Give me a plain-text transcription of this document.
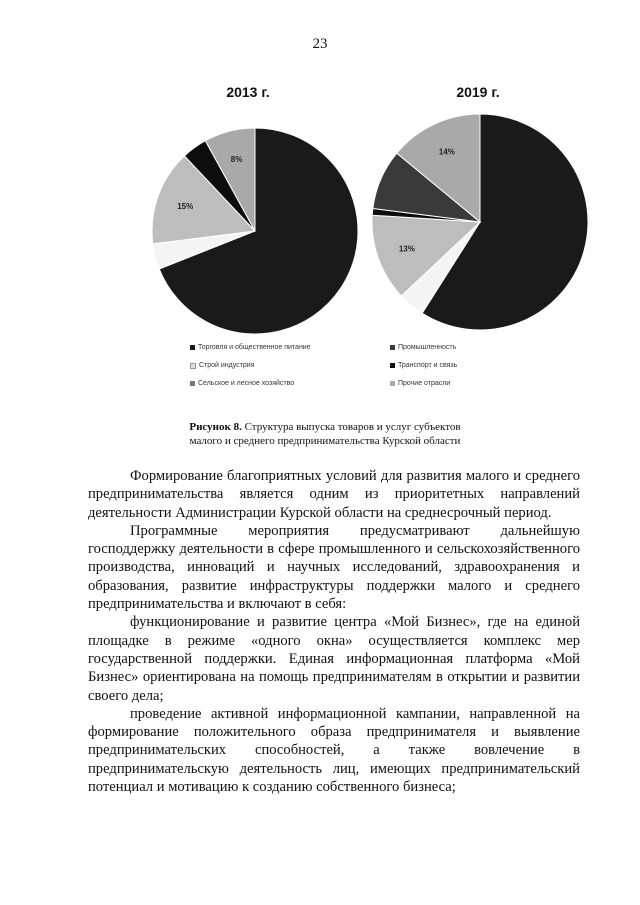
23
2013 г.	2019 г.
15%
8%
13%
14%
Торговля и общественное питание	Промышленность
Строй индустрия	Транспорт и связь
Сельское и лесное хозяйство	Прочие отрасли
Рисунок 8. Структура выпуска товаров и услуг субъектов
малого и среднего предпринимательства Курской области

Формирование благоприятных условий для развития малого и среднего предпринимательства является одним из приоритетных направлений деятельности Администрации Курской области на среднесрочный период.

Программные мероприятия предусматривают дальнейшую господдержку деятельности в сфере промышленного и сельскохозяйственного производства, инноваций и научных исследований, здравоохранения и образования, развитие инфраструктуры поддержки малого и среднего предпринимательства и включают в себя:

функционирование и развитие центра «Мой Бизнес», где на единой площадке в режиме «одного окна» осуществляется комплекс мер государственной поддержки. Единая информационная платформа «Мой Бизнес» ориентирована на помощь предпринимателям в открытии и развитии своего дела;

проведение активной информационной кампании, направленной на формирование положительного образа предпринимателя и выявление предпринимательских способностей, а также вовлечение в предпринимательскую деятельность лиц, имеющих предпринимательский потенциал и мотивацию к созданию собственного бизнеса;
